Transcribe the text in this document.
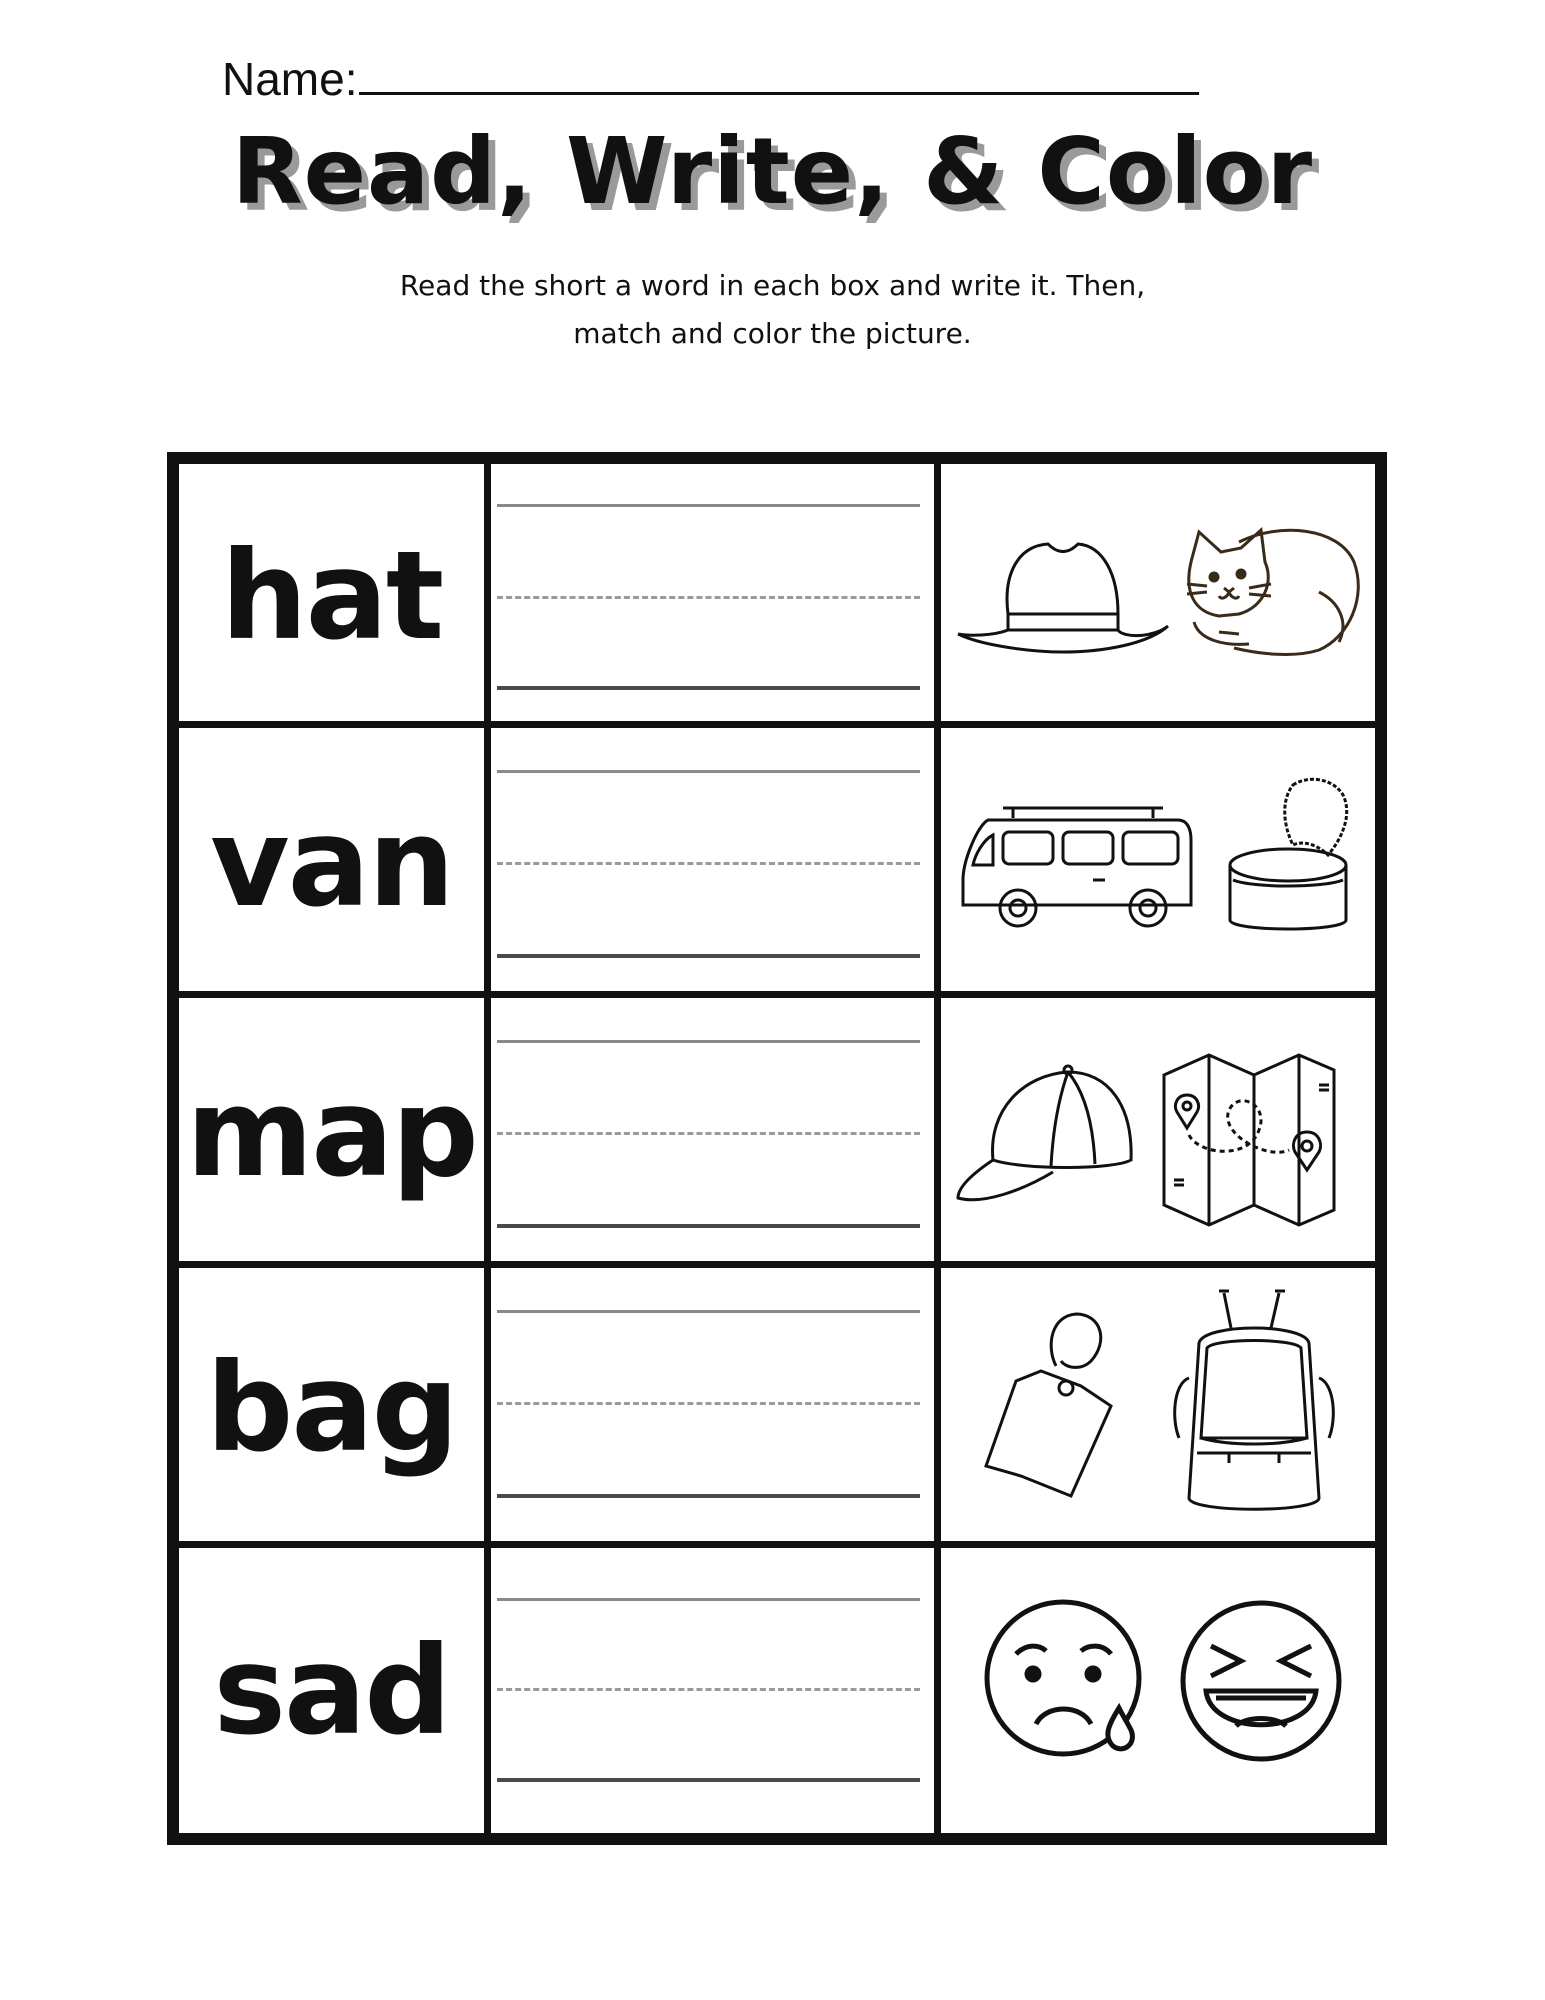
Name:
Read, Write, & Color
Read the short a word in each box and write it. Then,
match and color the picture.
hat
van
map
bag
sad
